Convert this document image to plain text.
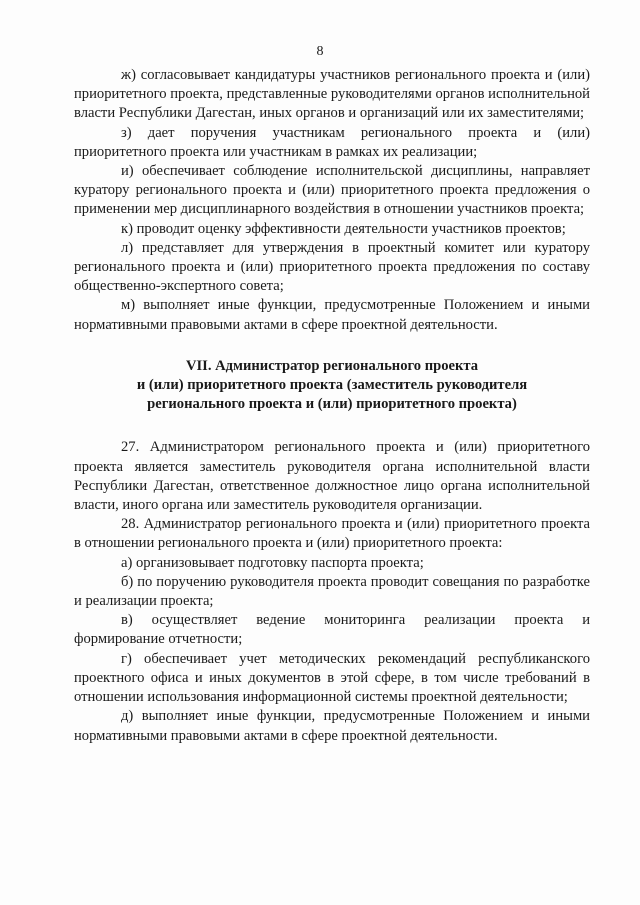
8

ж) согласовывает кандидатуры участников регионального проекта и (или) приоритетного проекта, представленные руководителями органов исполнительной власти Республики Дагестан, иных органов и организаций или их заместителями;

з) дает поручения участникам регионального проекта и (или) приоритетного проекта или участникам в рамках их реализации;

и) обеспечивает соблюдение исполнительской дисциплины, направляет куратору регионального проекта и (или) приоритетного проекта предложения о применении мер дисциплинарного воздействия в отношении участников проекта;

к) проводит оценку эффективности деятельности участников проектов;

л) представляет для утверждения в проектный комитет или куратору регионального проекта и (или) приоритетного проекта предложения по составу общественно-экспертного совета;

м) выполняет иные функции, предусмотренные Положением и иными нормативными правовыми актами в сфере проектной деятельности.

VII. Администратор регионального проекта
и (или) приоритетного проекта (заместитель руководителя
регионального проекта и (или) приоритетного проекта)

27. Администратором регионального проекта и (или) приоритетного проекта является заместитель руководителя органа исполнительной власти Республики Дагестан, ответственное должностное лицо органа исполнительной власти, иного органа или заместитель руководителя организации.

28. Администратор регионального проекта и (или) приоритетного проекта в отношении регионального проекта и (или) приоритетного проекта:

а) организовывает подготовку паспорта проекта;

б) по поручению руководителя проекта проводит совещания по разработке и реализации проекта;

в) осуществляет ведение мониторинга реализации проекта и формирование отчетности;

г) обеспечивает учет методических рекомендаций республиканского проектного офиса и иных документов в этой сфере, в том числе требований в отношении использования информационной системы проектной деятельности;

д) выполняет иные функции, предусмотренные Положением и иными нормативными правовыми актами в сфере проектной деятельности.
